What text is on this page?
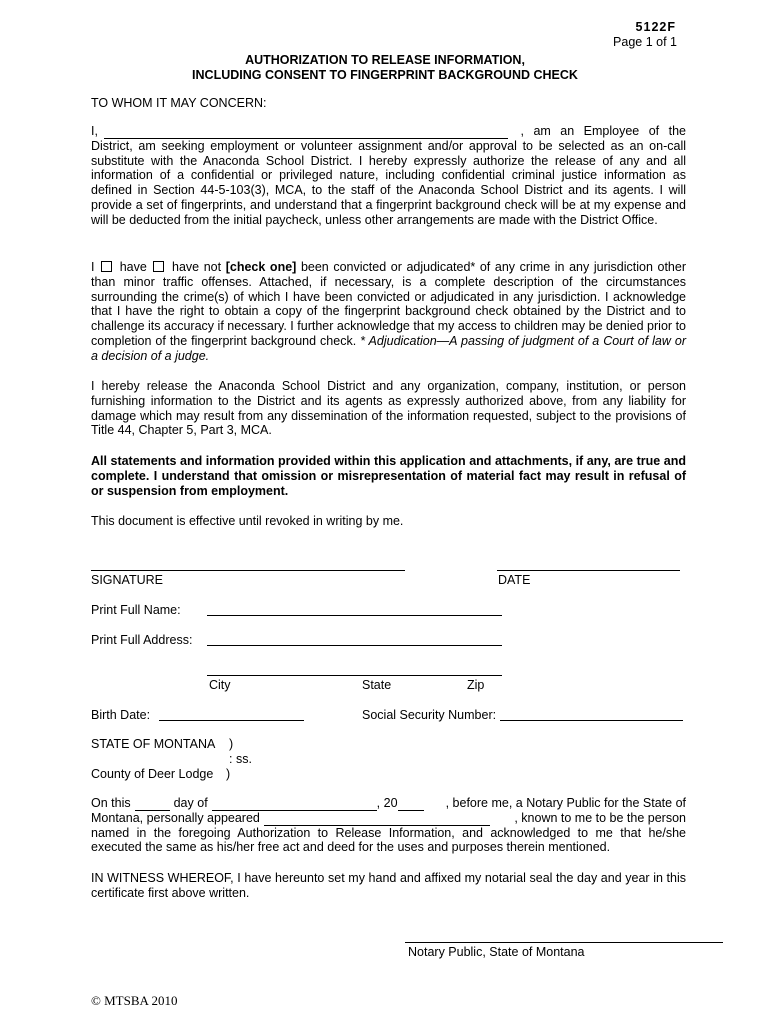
5122F
Page 1 of 1
AUTHORIZATION TO RELEASE INFORMATION,
INCLUDING CONSENT TO FINGERPRINT BACKGROUND CHECK
TO WHOM IT MAY CONCERN:
I,	, am an Employee of the

District, am seeking employment or volunteer assignment and/or approval to be selected as an on-call substitute with the Anaconda School District. I hereby expressly authorize the release of any and all information of a confidential or privileged nature, including confidential criminal justice information as defined in Section 44-5-103(3), MCA, to the staff of the Anaconda School District and its agents. I will provide a set of fingerprints, and understand that a fingerprint background check will be at my expense and will be deducted from the initial paycheck, unless other arrangements are made with the District Office.

I have have not [check one] been convicted or adjudicated* of any crime in any jurisdiction other than minor traffic offenses. Attached, if necessary, is a complete description of the circumstances surrounding the crime(s) of which I have been convicted or adjudicated in any jurisdiction. I acknowledge that I have the right to obtain a copy of the fingerprint background check obtained by the District and to challenge its accuracy if necessary. I further acknowledge that my access to children may be denied prior to completion of the fingerprint background check. * Adjudication—A passing of judgment of a Court of law or a decision of a judge.

I hereby release the Anaconda School District and any organization, company, institution, or person furnishing information to the District and its agents as expressly authorized above, from any liability for damage which may result from any dissemination of the information requested, subject to the provisions of Title 44, Chapter 5, Part 3, MCA.

All statements and information provided within this application and attachments, if any, are true and complete. I understand that omission or misrepresentation of material fact may result in refusal of or suspension from employment.

This document is effective until revoked in writing by me.

SIGNATURE	DATE
Print Full Name:
Print Full Address:
City	State	Zip
Birth Date:	Social Security Number:
STATE OF MONTANA )
: ss.
County of Deer Lodge )
On this	day of	, 20	, before me, a Notary Public for the State of
Montana, personally appeared	, known to me to be the person

named in the foregoing Authorization to Release Information, and acknowledged to me that he/she executed the same as his/her free act and deed for the uses and purposes therein mentioned.

IN WITNESS WHEREOF, I have hereunto set my hand and affixed my notarial seal the day and year in this certificate first above written.

Notary Public, State of Montana
© MTSBA 2010
